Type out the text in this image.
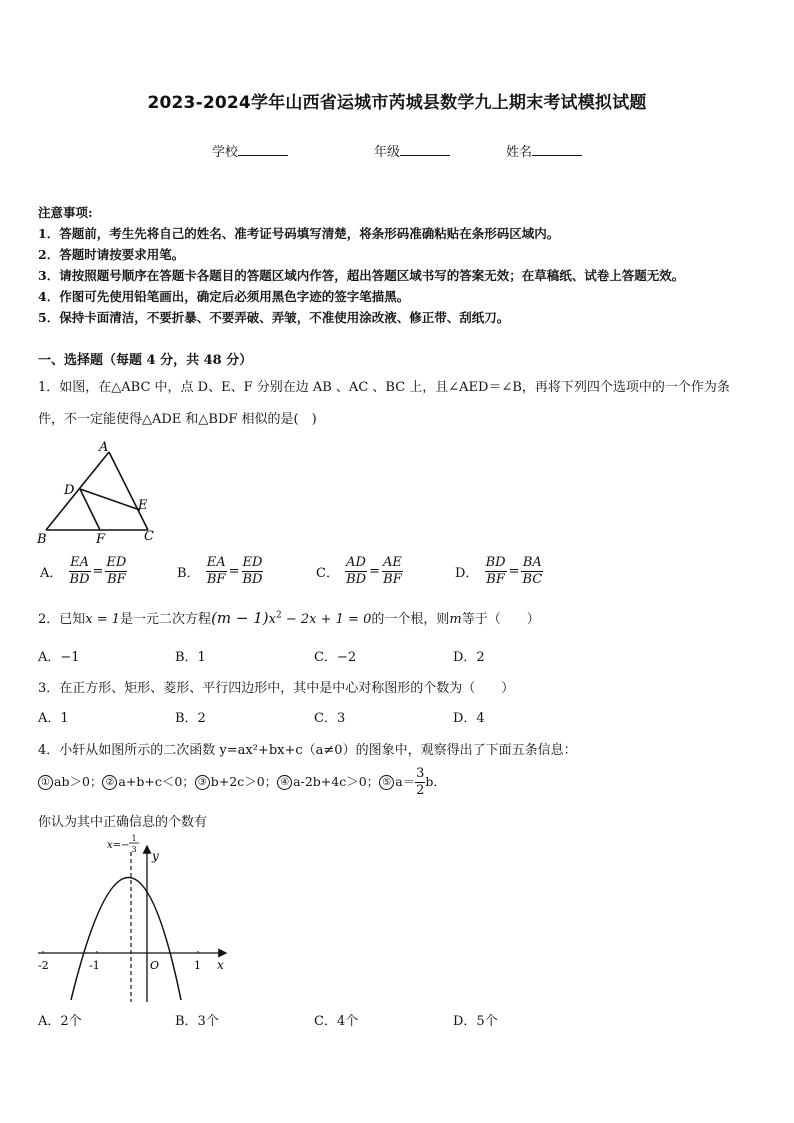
2023-2024学年山西省运城市芮城县数学九上期末考试模拟试题
学校	年级	姓名
注意事项:
1．答题前，考生先将自己的姓名、准考证号码填写清楚，将条形码准确粘贴在条形码区域内。
2．答题时请按要求用笔。
3．请按照题号顺序在答题卡各题目的答题区域内作答，超出答题区域书写的答案无效；在草稿纸、试卷上答题无效。
4．作图可先使用铅笔画出，确定后必须用黑色字迹的签字笔描黑。
5．保持卡面清洁，不要折暴、不要弄破、弄皱，不准使用涂改液、修正带、刮纸刀。
一、选择题（每题 4 分，共 48 分）
1．如图，在△ABC 中，点 D、E、F 分别在边 AB 、AC 、BC 上，且∠AED＝∠B，再将下列四个选项中的一个作为条
件，不一定能使得△ADE 和△BDF 相似的是(　)
A
D
E
B	F	C
A． $\frac{EA}{BD} = \frac{ED}{BF}$	B． $\frac{EA}{BF} = \frac{ED}{BD}$	C． $\frac{AD}{BD} = \frac{AE}{BF}$	D． $\frac{BD}{BF} = \frac{BA}{BC}$
2．已知x = 1是一元二次方程$(m - 1)x^2 - 2x + 1 = 0$的一个根，则m等于（　　）
A．−1	B．1	C．−2	D．2
3．在正方形、矩形、菱形、平行四边形中，其中是中心对称图形的个数为（　　）
A．1	B．2	C．3	D．4
4．小轩从如图所示的二次函数 y=ax²+bx+c（a≠0）的图象中，观察得出了下面五条信息：
① ab＞0； ② a+b+c＜0； ③ b+2c＞0； ④ a-2b+4c＞0； ⑤ $a= \frac{3}{2}$ b．
你认为其中正确信息的个数有
x=−
1
3 y
x
-2	-1	O	1
A．2个	B．3个	C．4个	D．5个
